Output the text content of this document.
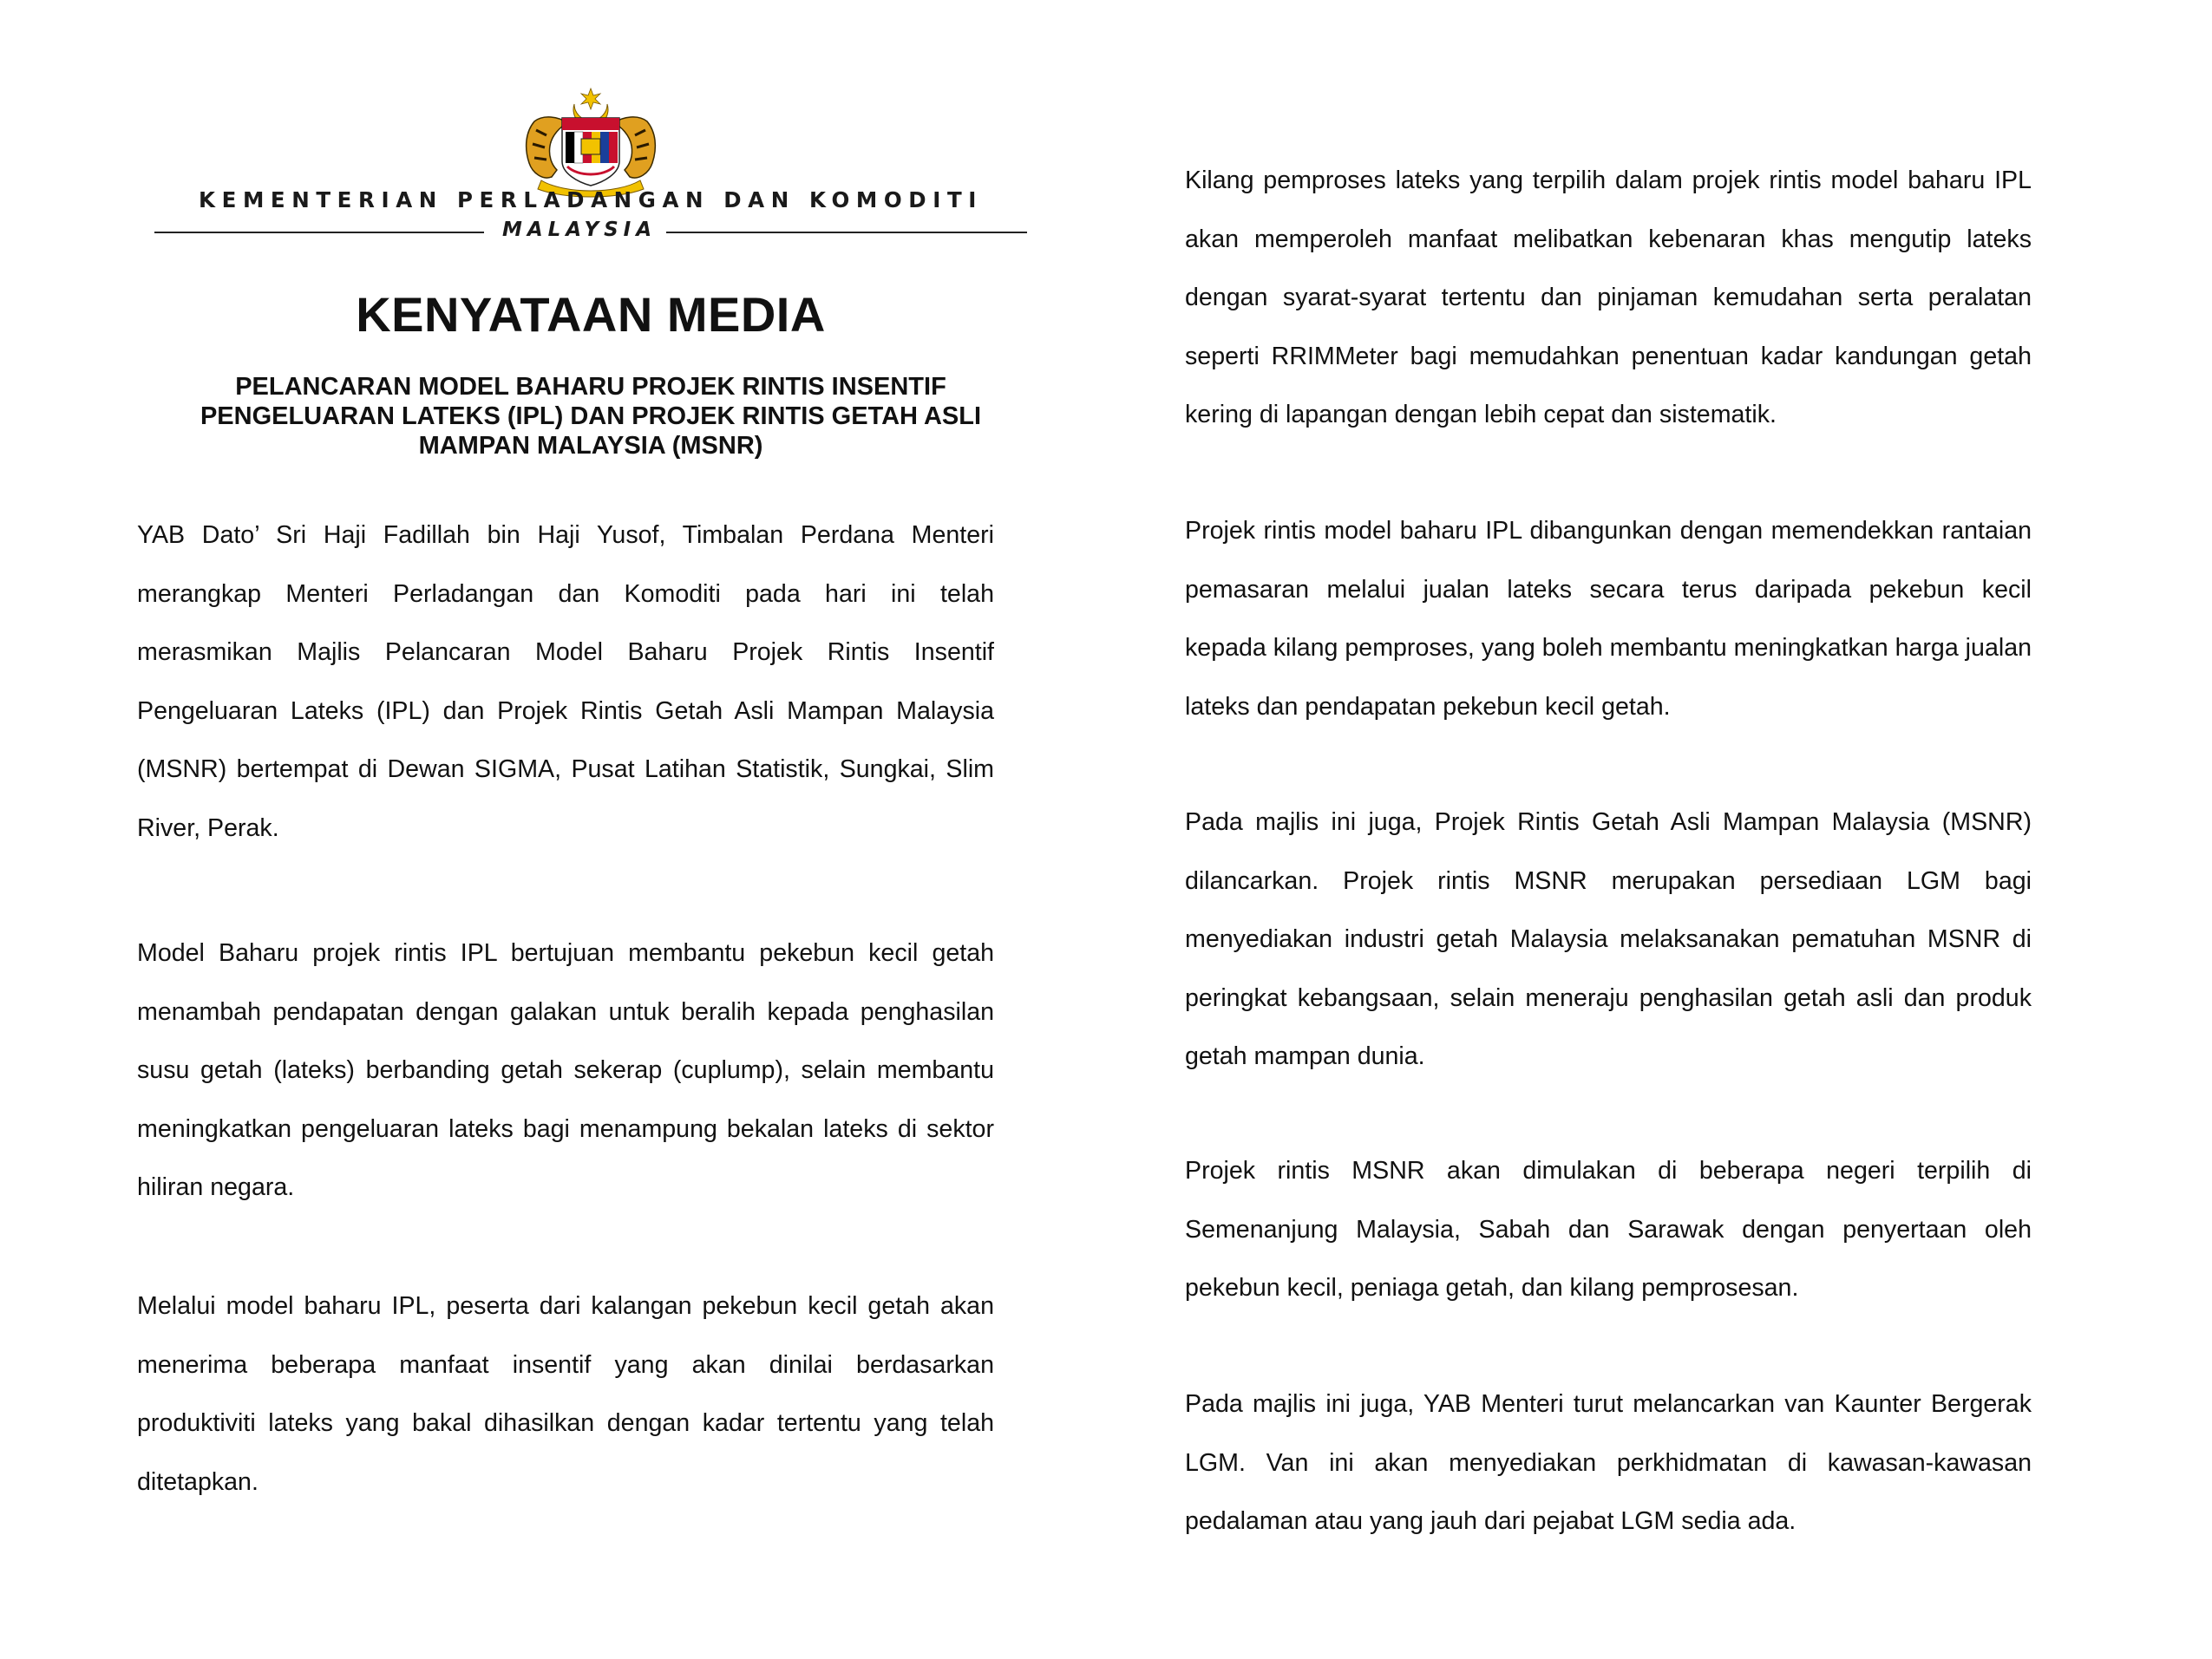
KEMENTERIAN PERLADANGAN DAN KOMODITI
MALAYSIA
KENYATAAN MEDIA
PELANCARAN MODEL BAHARU PROJEK RINTIS INSENTIF
PENGELUARAN LATEKS (IPL) DAN PROJEK RINTIS GETAH ASLI
MAMPAN MALAYSIA (MSNR)

YAB Dato’ Sri Haji Fadillah bin Haji Yusof, Timbalan Perdana Menteri merangkap Menteri Perladangan dan Komoditi pada hari ini telah merasmikan Majlis Pelancaran Model Baharu Projek Rintis Insentif Pengeluaran Lateks (IPL) dan Projek Rintis Getah Asli Mampan Malaysia (MSNR) bertempat di Dewan SIGMA, Pusat Latihan Statistik, Sungkai, Slim River, Perak.

Model Baharu projek rintis IPL bertujuan membantu pekebun kecil getah menambah pendapatan dengan galakan untuk beralih kepada penghasilan susu getah (lateks) berbanding getah sekerap (cuplump), selain membantu meningkatkan pengeluaran lateks bagi menampung bekalan lateks di sektor hiliran negara.

Melalui model baharu IPL, peserta dari kalangan pekebun kecil getah akan menerima beberapa manfaat insentif yang akan dinilai berdasarkan produktiviti lateks yang bakal dihasilkan dengan kadar tertentu yang telah ditetapkan.

Kilang pemproses lateks yang terpilih dalam projek rintis model baharu IPL akan memperoleh manfaat melibatkan kebenaran khas mengutip lateks dengan syarat-syarat tertentu dan pinjaman kemudahan serta peralatan seperti RRIMMeter bagi memudahkan penentuan kadar kandungan getah kering di lapangan dengan lebih cepat dan sistematik.

Projek rintis model baharu IPL dibangunkan dengan memendekkan rantaian pemasaran melalui jualan lateks secara terus daripada pekebun kecil kepada kilang pemproses, yang boleh membantu meningkatkan harga jualan lateks dan pendapatan pekebun kecil getah.

Pada majlis ini juga, Projek Rintis Getah Asli Mampan Malaysia (MSNR) dilancarkan. Projek rintis MSNR merupakan persediaan LGM bagi menyediakan industri getah Malaysia melaksanakan pematuhan MSNR di peringkat kebangsaan, selain meneraju penghasilan getah asli dan produk getah mampan dunia.

Projek rintis MSNR akan dimulakan di beberapa negeri terpilih di Semenanjung Malaysia, Sabah dan Sarawak dengan penyertaan oleh pekebun kecil, peniaga getah, dan kilang pemprosesan.

Pada majlis ini juga, YAB Menteri turut melancarkan van Kaunter Bergerak LGM. Van ini akan menyediakan perkhidmatan di kawasan-kawasan pedalaman atau yang jauh dari pejabat LGM sedia ada.
